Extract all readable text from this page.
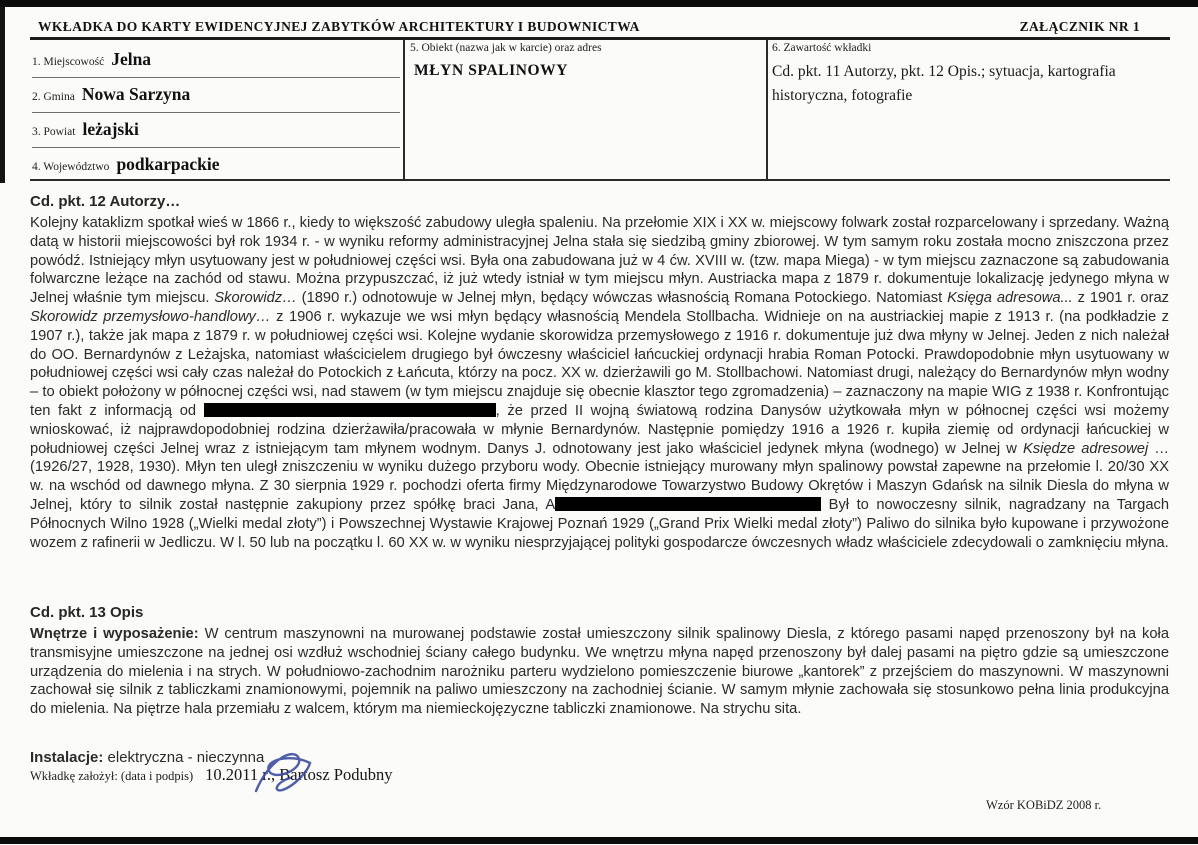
WKŁADKA DO KARTY EWIDENCYJNEJ ZABYTKÓW ARCHITEKTURY I BUDOWNICTWA	ZAŁĄCZNIK NR 1
1. Miejscowość Jelna
2. Gmina Nowa Sarzyna
3. Powiat leżajski
4. Województwo podkarpackie
5. Obiekt (nazwa jak w karcie) oraz adres
MŁYN SPALINOWY
6. Zawartość wkładki
Cd. pkt. 11 Autorzy, pkt. 12 Opis.; sytuacja, kartografia historyczna, fotografie
Cd. pkt. 12 Autorzy…
Kolejny kataklizm spotkał wieś w 1866 r., kiedy to większość zabudowy uległa spaleniu. Na przełomie XIX i XX w. miejscowy folwark został rozparcelowany i sprzedany. Ważną datą w historii miejscowości był rok 1934 r. - w wyniku reformy administracyjnej Jelna stała się siedzibą gminy zbiorowej. W tym samym roku została mocno zniszczona przez powódź. Istniejący młyn usytuowany jest w południowej części wsi. Była ona zabudowana już w 4 ćw. XVIII w. (tzw. mapa Miega) - w tym miejscu zaznaczone są zabudowania folwarczne leżące na zachód od stawu. Można przypuszczać, iż już wtedy istniał w tym miejscu młyn. Austriacka mapa z 1879 r. dokumentuje lokalizację jedynego młyna w Jelnej właśnie tym miejscu. Skorowidz… (1890 r.) odnotowuje w Jelnej młyn, będący wówczas własnością Romana Potockiego. Natomiast Księga adresowa... z 1901 r. oraz Skorowidz przemysłowo-handlowy… z 1906 r. wykazuje we wsi młyn będący własnością Mendela Stollbacha. Widnieje on na austriackiej mapie z 1913 r. (na podkładzie z 1907 r.), także jak mapa z 1879 r. w południowej części wsi. Kolejne wydanie skorowidza przemysłowego z 1916 r. dokumentuje już dwa młyny w Jelnej. Jeden z nich należał do OO. Bernardynów z Leżajska, natomiast właścicielem drugiego był ówczesny właściciel łańcuckiej ordynacji hrabia Roman Potocki. Prawdopodobnie młyn usytuowany w południowej części wsi cały czas należał do Potockich z Łańcuta, którzy na pocz. XX w. dzierżawili go M. Stollbachowi. Natomiast drugi, należący do Bernardynów młyn wodny – to obiekt położony w północnej części wsi, nad stawem (w tym miejscu znajduje się obecnie klasztor tego zgromadzenia) – zaznaczony na mapie WIG z 1938 r. Konfrontując ten fakt z informacją od	, że przed II wojną światową rodzina Danysów użytkowała młyn w północnej części wsi możemy wnioskować, iż najprawdopodobniej rodzina dzierżawiła/pracowała w młynie Bernardynów. Następnie pomiędzy 1916 a 1926 r. kupiła ziemię od ordynacji łańcuckiej w południowej części Jelnej wraz z istniejącym tam młynem wodnym. Danys J. odnotowany jest jako właściciel jedynek młyna (wodnego) w Jelnej w Księdze adresowej …(1926/27, 1928, 1930). Młyn ten uległ zniszczeniu w wyniku dużego przyboru wody. Obecnie istniejący murowany młyn spalinowy powstał zapewne na przełomie l. 20/30 XX w. na wschód od dawnego młyna. Z 30 sierpnia 1929 r. pochodzi oferta firmy Międzynarodowe Towarzystwo Budowy Okrętów i Maszyn Gdańsk na silnik Diesla do młyna w Jelnej, który to silnik został następnie zakupiony przez spółkę braci Jana, A	Był to nowoczesny silnik, nagradzany na Targach Północnych Wilno 1928 („Wielki medal złoty”) i Powszechnej Wystawie Krajowej Poznań 1929 („Grand Prix Wielki medal złoty”) Paliwo do silnika było kupowane i przywożone wozem z rafinerii w Jedliczu. W l. 50 lub na początku l. 60 XX w. w wyniku niesprzyjającej polityki gospodarcze ówczesnych władz właściciele zdecydowali o zamknięciu młyna.
Cd. pkt. 13 Opis
Wnętrze i wyposażenie: W centrum maszynowni na murowanej podstawie został umieszczony silnik spalinowy Diesla, z którego pasami napęd przenoszony był na koła transmisyjne umieszczone na jednej osi wzdłuż wschodniej ściany całego budynku. We wnętrzu młyna napęd przenoszony był dalej pasami na piętro gdzie są umieszczone urządzenia do mielenia i na strych. W południowo-zachodnim narożniku parteru wydzielono pomieszczenie biurowe „kantorek” z przejściem do maszynowni. W maszynowni zachował się silnik z tabliczkami znamionowymi, pojemnik na paliwo umieszczony na zachodniej ścianie. W samym młynie zachowała się stosunkowo pełna linia produkcyjna do mielenia. Na piętrze hala przemiału z walcem, którym ma niemieckojęzyczne tabliczki znamionowe. Na strychu sita.
Instalacje: elektryczna - nieczynna
Wkładkę założył: (data i podpis) 10.2011 r., Bartosz Podubny
Wzór KOBiDZ 2008 r.
